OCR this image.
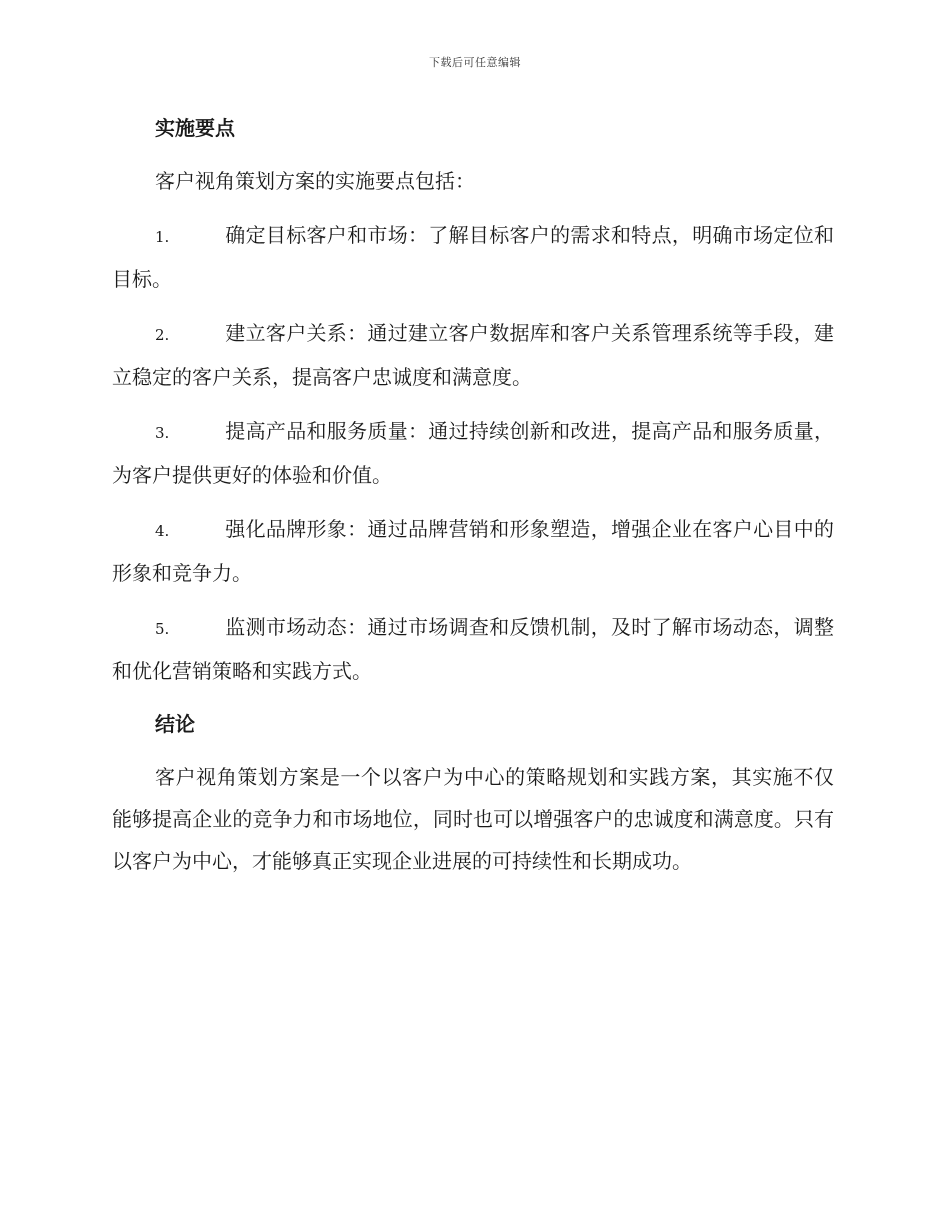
下载后可任意编辑
实施要点

客户视角策划方案的实施要点包括：

1.	确定目标客户和市场：了解目标客户的需求和特点，明确市场定位和目标。

2.	建立客户关系：通过建立客户数据库和客户关系管理系统等手段，建立稳定的客户关系，提高客户忠诚度和满意度。

3.	提高产品和服务质量：通过持续创新和改进，提高产品和服务质量，为客户提供更好的体验和价值。

4.	强化品牌形象：通过品牌营销和形象塑造，增强企业在客户心目中的形象和竞争力。

5.	监测市场动态：通过市场调查和反馈机制，及时了解市场动态，调整和优化营销策略和实践方式。

结论

客户视角策划方案是一个以客户为中心的策略规划和实践方案，其实施不仅能够提高企业的竞争力和市场地位，同时也可以增强客户的忠诚度和满意度。只有以客户为中心，才能够真正实现企业进展的可持续性和长期成功。
